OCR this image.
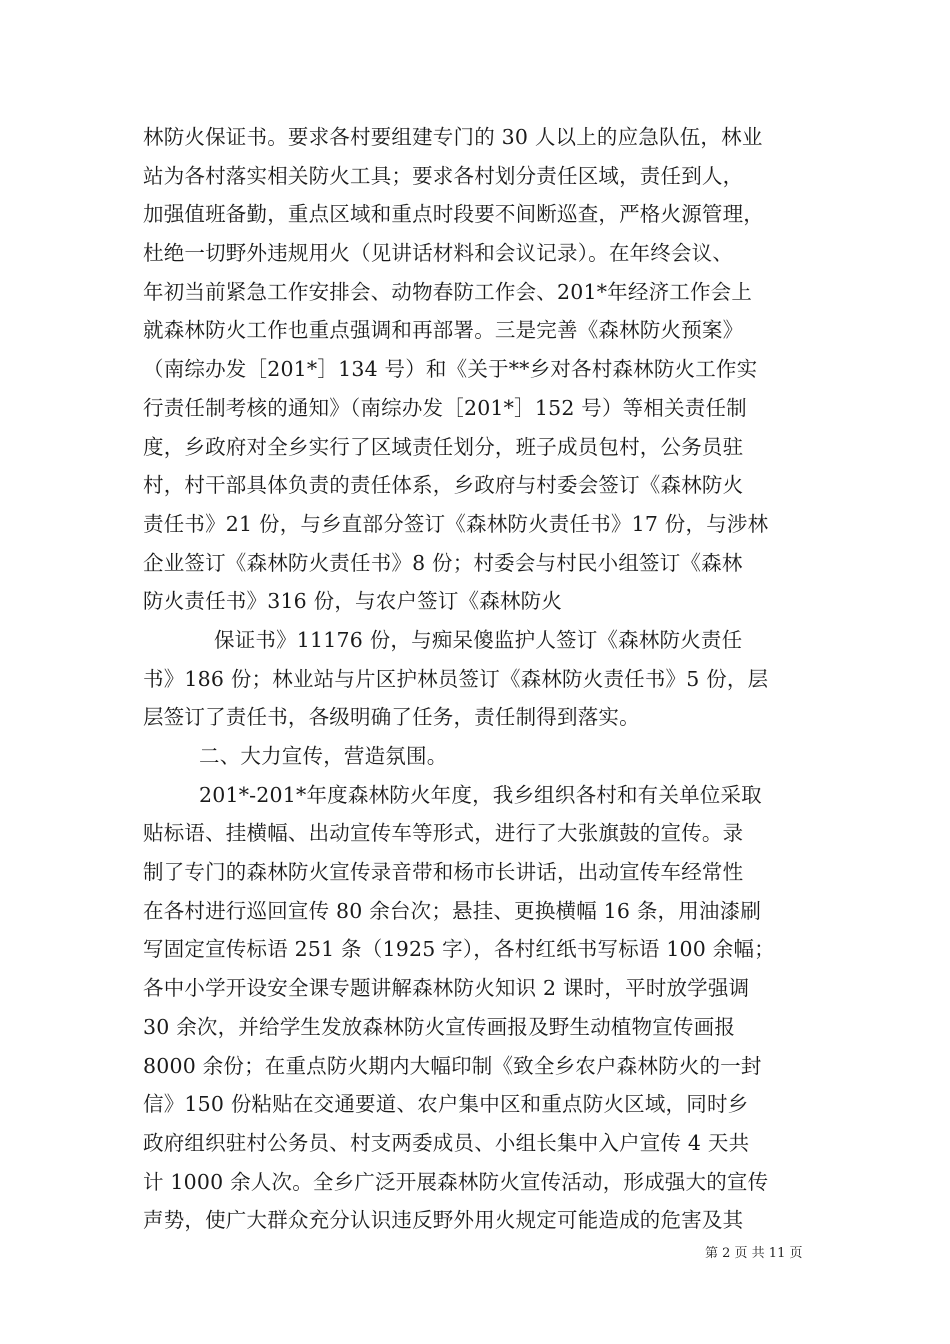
林防火保证书。要求各村要组建专门的 30 人以上的应急队伍，林业
站为各村落实相关防火工具；要求各村划分责任区域，责任到人，
加强值班备勤，重点区域和重点时段要不间断巡查，严格火源管理，
杜绝一切野外违规用火（见讲话材料和会议记录）。在年终会议、
年初当前紧急工作安排会、动物春防工作会、201*年经济工作会上
就森林防火工作也重点强调和再部署。三是完善《森林防火预案》
（南综办发［201*］134 号）和《关于**乡对各村森林防火工作实
行责任制考核的通知》（南综办发［201*］152 号）等相关责任制
度，乡政府对全乡实行了区域责任划分，班子成员包村，公务员驻
村，村干部具体负责的责任体系，乡政府与村委会签订《森林防火
责任书》21 份，与乡直部分签订《森林防火责任书》17 份，与涉林
企业签订《森林防火责任书》8 份；村委会与村民小组签订《森林
防火责任书》316 份，与农户签订《森林防火
保证书》11176 份，与痴呆傻监护人签订《森林防火责任
书》186 份；林业站与片区护林员签订《森林防火责任书》5 份，层
层签订了责任书，各级明确了任务，责任制得到落实。
二、大力宣传，营造氛围。
201*-201*年度森林防火年度，我乡组织各村和有关单位采取
贴标语、挂横幅、出动宣传车等形式，进行了大张旗鼓的宣传。录
制了专门的森林防火宣传录音带和杨市长讲话，出动宣传车经常性
在各村进行巡回宣传 80 余台次；悬挂、更换横幅 16 条，用油漆刷
写固定宣传标语 251 条（1925 字），各村红纸书写标语 100 余幅；
各中小学开设安全课专题讲解森林防火知识 2 课时，平时放学强调
30 余次，并给学生发放森林防火宣传画报及野生动植物宣传画报
8000 余份；在重点防火期内大幅印制《致全乡农户森林防火的一封
信》150 份粘贴在交通要道、农户集中区和重点防火区域，同时乡
政府组织驻村公务员、村支两委成员、小组长集中入户宣传 4 天共
计 1000 余人次。全乡广泛开展森林防火宣传活动，形成强大的宣传
声势，使广大群众充分认识违反野外用火规定可能造成的危害及其
第 2 页 共 11 页
